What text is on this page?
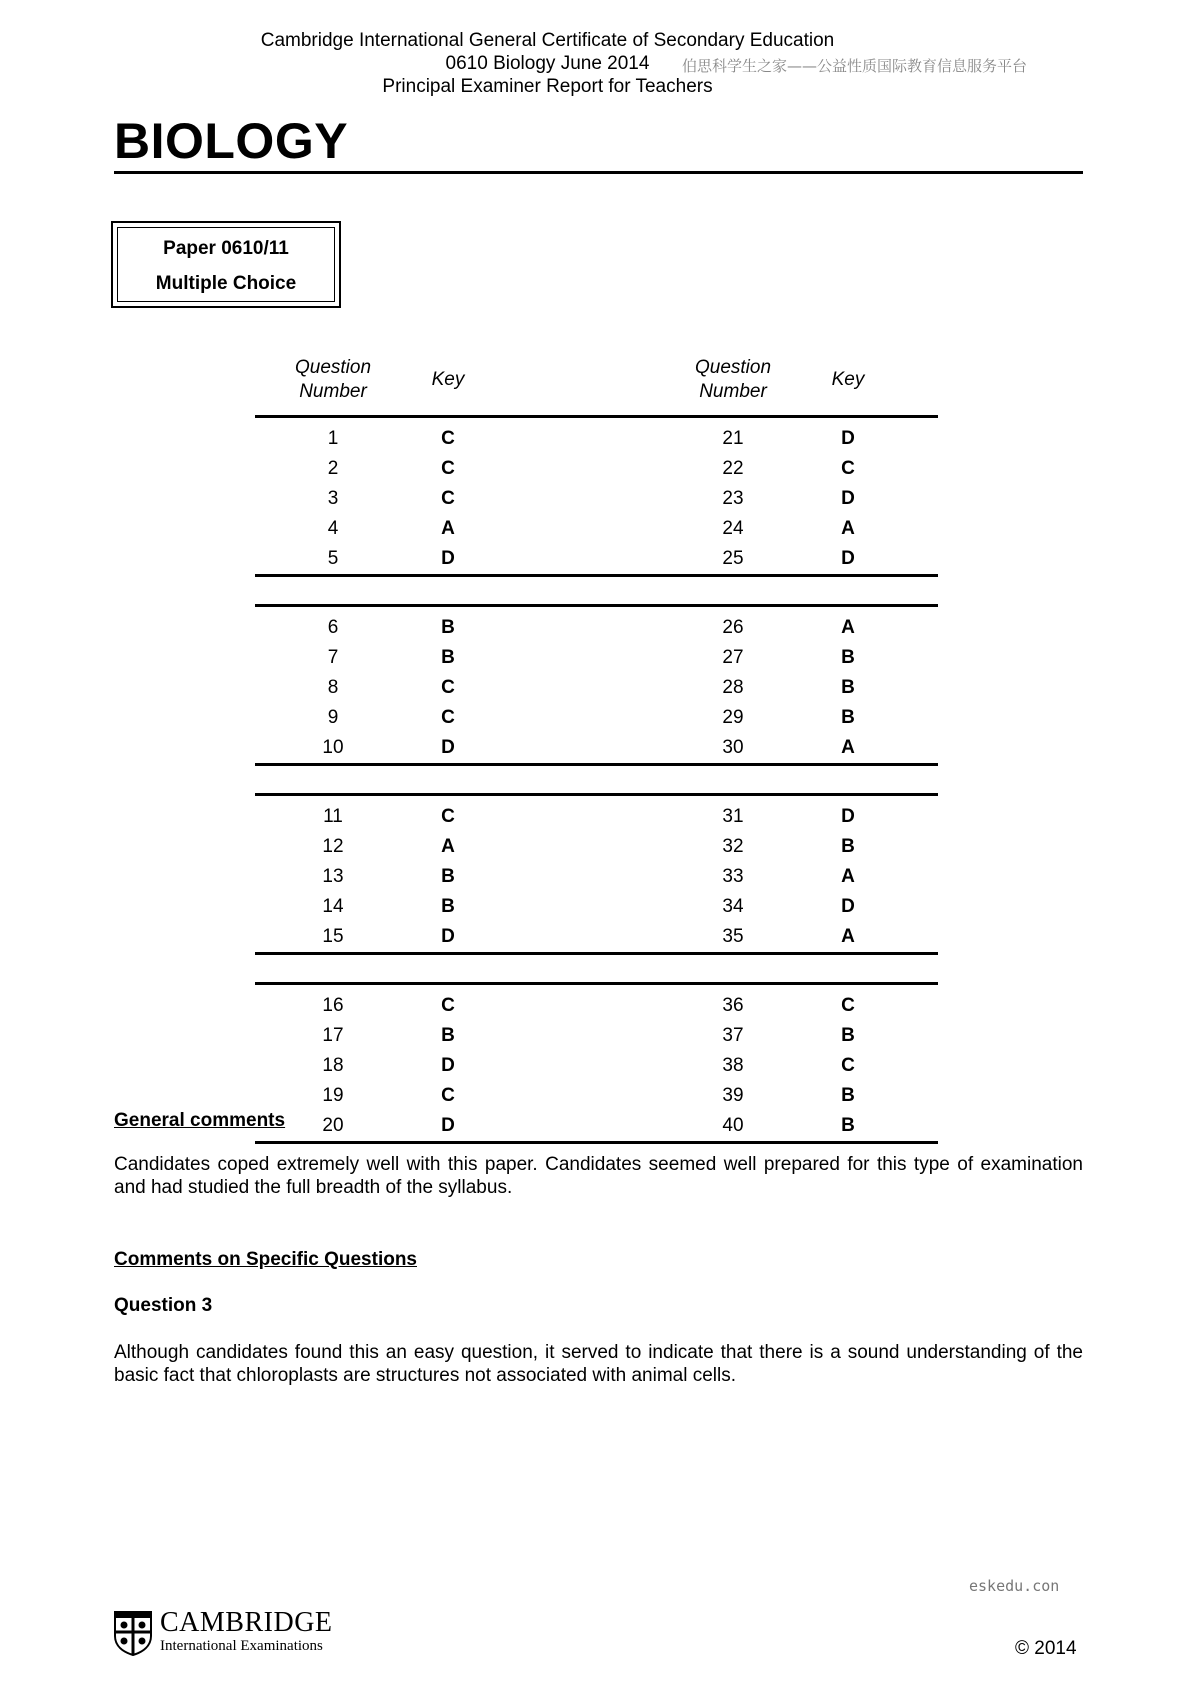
Cambridge International General Certificate of Secondary Education
0610 Biology June 2014
Principal Examiner Report for Teachers
伯思科学生之家——公益性质国际教育信息服务平台
BIOLOGY
Paper 0610/11
Multiple Choice
Question
Number
Key
Question
Number
Key
1	C	21	D
2	C	22	C
3	C	23	D
4	A	24	A
5	D	25	D
6	B	26	A
7	B	27	B
8	C	28	B
9	C	29	B
10	D	30	A
11	C	31	D
12	A	32	B
13	B	33	A
14	B	34	D
15	D	35	A
16	C	36	C
17	B	37	B
18	D	38	C
19	C	39	B
20	D	40	B
General comments
Candidates coped extremely well with this paper. Candidates seemed well prepared for this type of examination and had studied the full breadth of the syllabus.
Comments on Specific Questions
Question 3
Although candidates found this an easy question, it served to indicate that there is a sound understanding of the basic fact that chloroplasts are structures not associated with animal cells.
eskedu.con
CAMBRIDGE
International Examinations	© 2014
